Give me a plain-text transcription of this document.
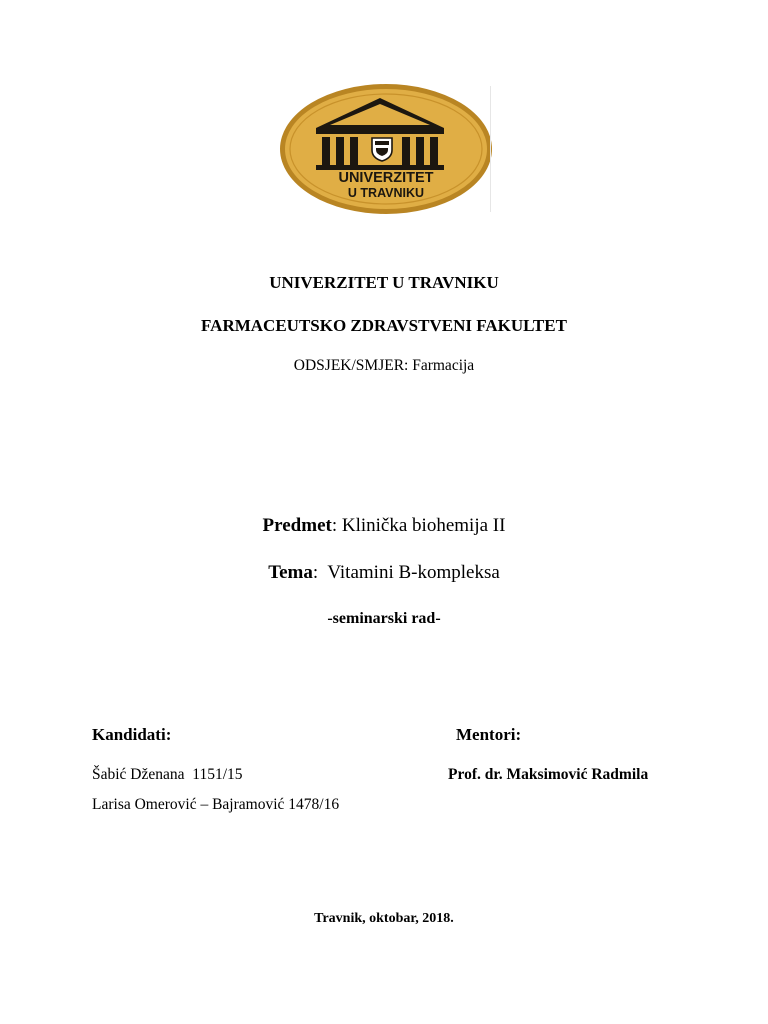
UNIVERZITET
U TRAVNIKU
UNIVERZITET U TRAVNIKU
FARMACEUTSKO ZDRAVSTVENI FAKULTET
ODSJEK/SMJER: Farmacija
Predmet: Klinička biohemija II
Tema:  Vitamini B-kompleksa
-seminarski rad-
Kandidati:	Mentori:
Šabić Dženana 1151/15
Larisa Omerović – Bajramović 1478/16
Prof. dr. Maksimović Radmila
Travnik, oktobar, 2018.
